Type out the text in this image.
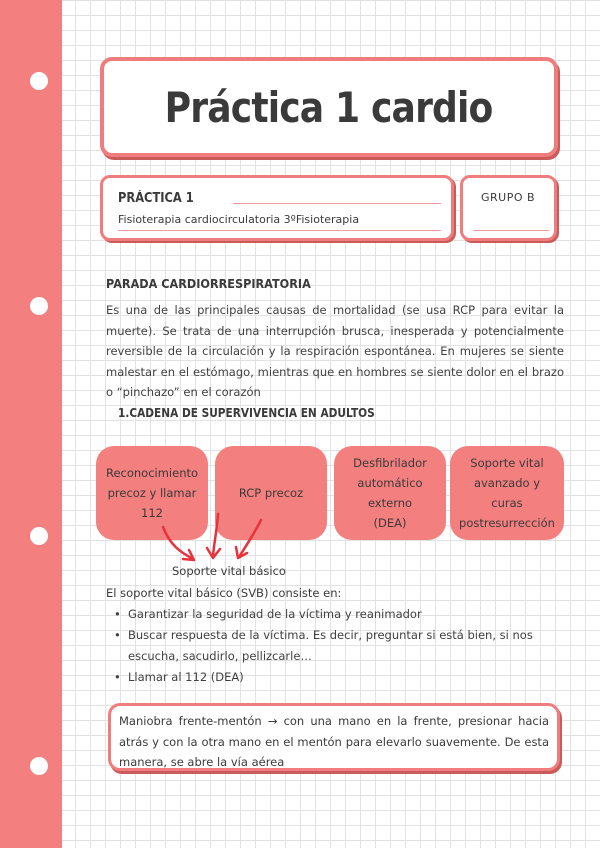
Práctica 1 cardio
PRÁCTICA 1
Fisioterapia cardiocirculatoria 3ºFisioterapia
GRUPO B
PARADA CARDIORRESPIRATORIA
Es una de las principales causas de mortalidad (se usa RCP para evitar la muerte). Se trata de una interrupción brusca, inesperada y potencialmente reversible de la circulación y la respiración espontánea. En mujeres se siente malestar en el estómago, mientras que en hombres se siente dolor en el brazo o “pinchazo” en el corazón
1.CADENA DE SUPERVIVENCIA EN ADULTOS
Reconocimiento precoz y llamar 112
RCP precoz
Desfibrilador automático externo (DEA)
Soporte vital avanzado y curas postresurrección
Soporte vital básico
El soporte vital básico (SVB) consiste en:
• Garantizar la seguridad de la víctima y reanimador
• Buscar respuesta de la víctima. Es decir, preguntar si está bien, si nos escucha, sacudirlo, pellizcarle…
• Llamar al 112 (DEA)
Maniobra frente-mentón → con una mano en la frente, presionar hacia atrás y con la otra mano en el mentón para elevarlo suavemente. De esta manera, se abre la vía aérea
